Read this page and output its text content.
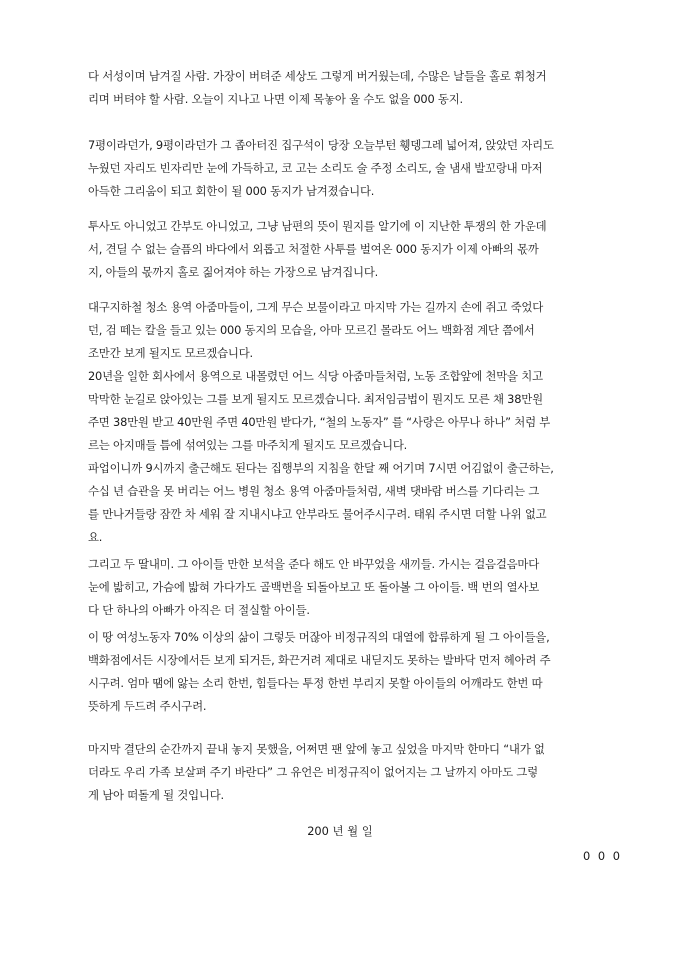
다 서성이며 남겨질 사람. 가장이 버텨준 세상도 그렇게 버거웠는데, 수많은 날들을 홀로 휘청거
리며 버텨야 할 사람. 오늘이 지나고 나면 이제 목놓아 울 수도 없을 000 동지.
7평이라던가, 9평이라던가 그 좁아터진 집구석이 당장 오늘부턴 휑뎅그레 넓어져, 앉았던 자리도
누웠던 자리도 빈자리만 눈에 가득하고, 코 고는 소리도 술 주정 소리도, 술 냄새 발꼬랑내 마저
아득한 그리움이 되고 회한이 될 000 동지가 남겨졌습니다.
투사도 아니었고 간부도 아니었고, 그냥 남편의 뜻이 뭔지를 알기에 이 지난한 투쟁의 한 가운데
서, 견딜 수 없는 슬픔의 바다에서 외롭고 처절한 사투를 벌여온 000 동지가 이제 아빠의 몫까
지, 아들의 몫까지 홀로 짊어져야 하는 가장으로 남겨집니다.
대구지하철 청소 용역 아줌마들이, 그게 무슨 보물이라고 마지막 가는 길까지 손에 쥐고 죽었다
던, 검 떼는 칼을 들고 있는 000 동지의 모습을, 아마 모르긴 몰라도 어느 백화점 계단 쯤에서
조만간 보게 될지도 모르겠습니다.
20년을 일한 회사에서 용역으로 내몰렸던 어느 식당 아줌마들처럼, 노동 조합앞에 천막을 치고
막막한 눈길로 앉아있는 그를 보게 될지도 모르겠습니다. 최저임금법이 뭔지도 모른 채 38만원
주면 38만원 받고 40만원 주면 40만원 받다가, “철의 노동자” 를 “사랑은 아무나 하나” 처럼 부
르는 아지매들 틈에 섞여있는 그를 마주치게 될지도 모르겠습니다.
파업이니까 9시까지 출근해도 된다는 집행부의 지침을 한달 째 어기며 7시면 어김없이 출근하는,
수십 년 습관을 못 버리는 어느 병원 청소 용역 아줌마들처럼, 새벽 댓바람 버스를 기다리는 그
를 만나거들랑 잠깐 차 세워 잘 지내시냐고 안부라도 물어주시구려. 태워 주시면 더할 나위 없고
요.
그리고 두 딸내미. 그 아이들 만한 보석을 준다 해도 안 바꾸었을 새끼들. 가시는 걸음걸음마다
눈에 밟히고, 가슴에 밟혀 가다가도 골백번을 되돌아보고 또 돌아볼 그 아이들. 백 번의 열사보
다 단 하나의 아빠가 아직은 더 절실할 아이들.
이 땅 여성노동자 70% 이상의 삶이 그렇듯 머잖아 비정규직의 대열에 합류하게 될 그 아이들을,
백화점에서든 시장에서든 보게 되거든, 화끈거려 제대로 내딛지도 못하는 발바닥 먼저 헤아려 주
시구려. 엄마 땜에 앓는 소리 한번, 힘들다는 투정 한번 부리지 못할 아이들의 어깨라도 한번 따
뜻하게 두드려 주시구려.
마지막 결단의 순간까지 끝내 놓지 못했을, 어쩌면 팬 앞에 놓고 싶었을 마지막 한마디 “내가 없
더라도 우리 가족 보살펴 주기 바란다” 그 유언은 비정규직이 없어지는 그 날까지 아마도 그렇
게 남아 떠돌게 될 것입니다.
200 년 월 일
0 0 0
